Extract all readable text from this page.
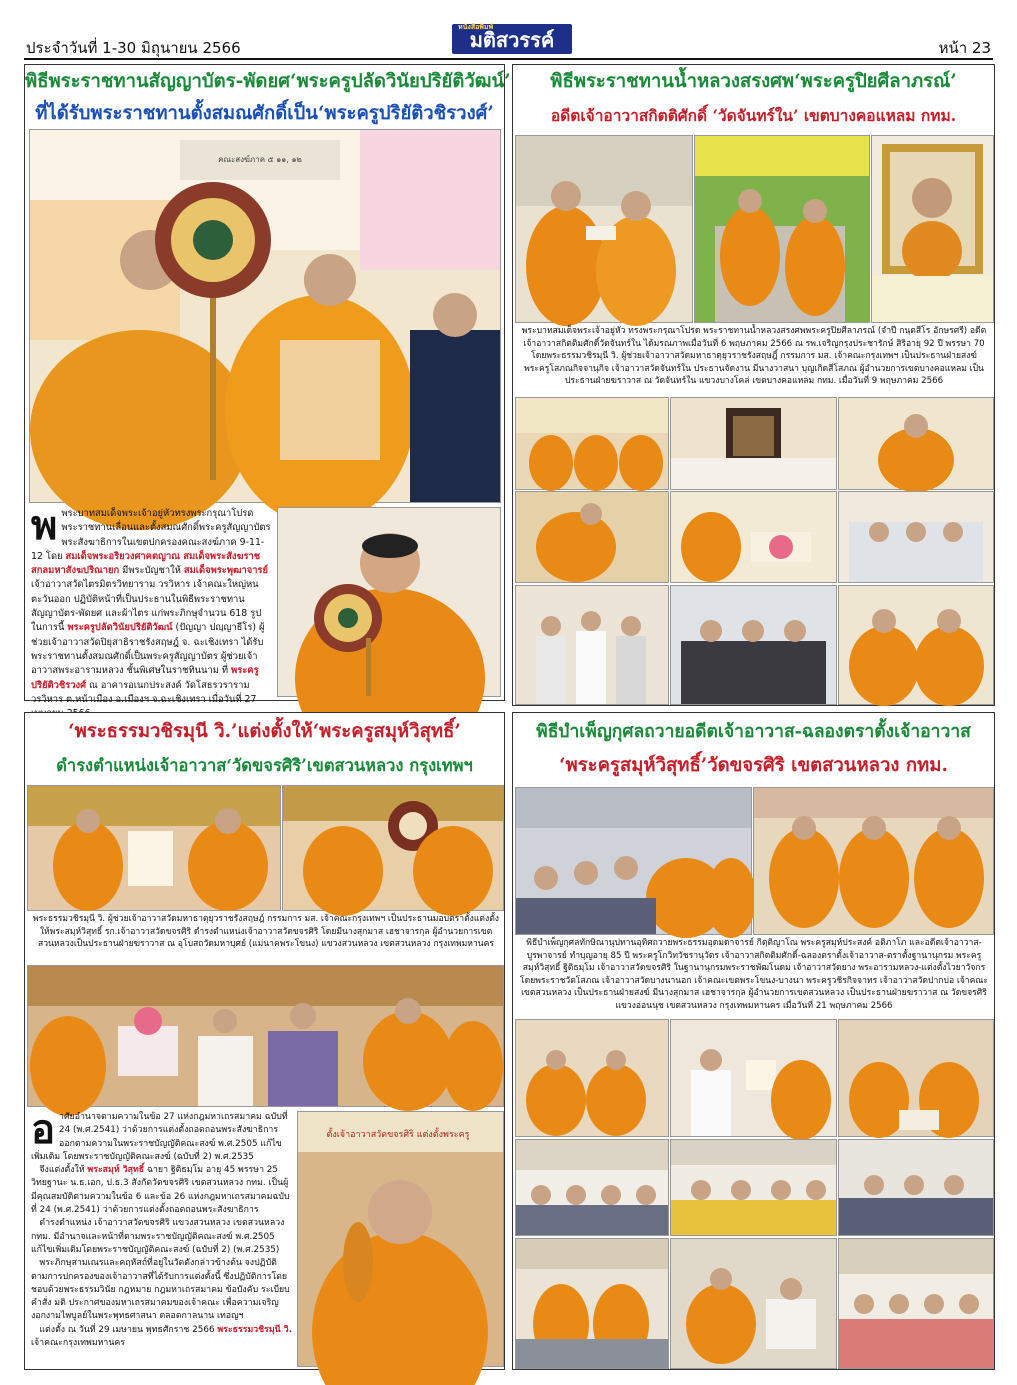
ประจำวันที่ 1-30 มิถุนายน 2566
หนังสือพิมพ์
มติสวรรค์	หน้า 23
พิธีพระราชทานสัญญาบัตร-พัดยศ‘พระครูปลัดวินัยปริยัติวัฒน์’
ที่ได้รับพระราชทานตั้งสมณศักดิ์เป็น‘พระครูปริยัติวชิรวงศ์’
คณะสงฆ์ภาค ๕ ๑๑, ๑๒
พพระบาทสมเด็จพระเจ้าอยู่หัวทรงพระกรุณาโปรดพระราชทานเลื่อนและตั้งสมณศักดิ์พระครูสัญญาบัตร พระสังฆาธิการในเขตปกครองคณะสงฆ์ภาค 9-11-12 โดย สมเด็จพระอริยวงศาคตญาณ สมเด็จพระสังฆราช สกลมหาสังฆปริณายก มีพระบัญชาให้ สมเด็จพระพุฒาจารย์ เจ้าอาวาสวัดไตรมิตรวิทยาราม วรวิหาร เจ้าคณะใหญ่หนตะวันออก ปฏิบัติหน้าที่เป็นประธานในพิธีพระราชทานสัญญาบัตร-พัดยศ และผ้าไตร แก่พระภิกษุจำนวน 618 รูป ในการนี้ พระครูปลัดวินัยปริยัติวัฒน์ (ปัญญา ปญฺญาธีโร) ผู้ช่วยเจ้าอาวาสวัดปิยุสาธิราชรังสฤษฎ์ จ. ฉะเชิงเทรา ได้รับพระราชทานตั้งสมณศักดิ์เป็นพระครูสัญญาบัตร ผู้ช่วยเจ้าอาวาสพระอารามหลวง ชั้นพิเศษในราชทินนาม ที่ พระครูปริยัติวชิรวงศ์ ณ อาคารอเนกประสงค์ วัดโสธรวรารามวรวิหาร ต.หน้าเมือง อ.เมืองฯ จ.ฉะเชิงเทรา เมื่อวันที่ 27
พิธีพระราชทานน้ำหลวงสรงศพ‘พระครูปิยศีลาภรณ์’
อดีตเจ้าอาวาสกิตติศักดิ์ ‘วัดจันทร์ใน’ เขตบางคอแหลม กทม.
พระบาทสมเด็จพระเจ้าอยู่หัว ทรงพระกรุณาโปรด พระราชทานน้ำหลวงสรงศพพระครูปิยศีลาภรณ์ (จำปี กนฺตสีโร อักษรศรี) อดีตเจ้าอาวาสกิตติมศักดิ์วัดจันทร์ใน ได้มรณภาพเมื่อวันที่ 6 พฤษภาคม 2566 ณ รพ.เจริญกรุงประชารักษ์ สิริอายุ 92 ปี พรรษา 70 โดยพระธรรมวชิรมุนี วิ. ผู้ช่วยเจ้าอาวาสวัดมหาธาตุยุวราชรังสฤษฎิ์ กรรมการ มส. เจ้าคณะกรุงเทพฯ เป็นประธานฝ่ายสงฆ์พระครูโสภณกิจจานุกิจ เจ้าอาวาสวัดจันทร์ใน ประธานจัดงาน มีนางวาสนา บุญเกิดสีโสภณ ผู้อำนวยการเขตบางคอแหลม เป็นประธานฝ่ายฆราวาส ณ วัดจันทร์ใน แขวงบางโคล่ เขตบางคอแหลม กทม. เมื่อวันที่ 9 พฤษภาคม 2566
‘พระธรรมวชิรมุนี วิ.’แต่งตั้งให้‘พระครูสมุห์วิสุทธิ์’
ดำรงตำแหน่งเจ้าอาวาส‘วัดขจรศิริ’เขตสวนหลวง กรุงเทพฯ
พระธรรมวชิรมุนี วิ. ผู้ช่วยเจ้าอาวาสวัดมหาธาตุยุวราชรังสฤษฎ์ กรรมการ มส. เจ้าคณะกรุงเทพฯ เป็นประธานมอบตราตั้งแต่งตั้งให้พระสมุห์วิสุทธิ์ รก.เจ้าอาวาสวัดขจรศิริ ดำรงตำแหน่งเจ้าอาวาสวัดขจรศิริ โดยมีนางสุกมาส เฮชาจารกุล ผู้อำนวยการเขตสวนหลวงเป็นประธานฝ่ายฆราวาส ณ อุโบสถวัดมหาบุศย์ (แม่นาคพระโขนง) แขวงสวนหลวง เขตสวนหลวง กรุงเทพมหานคร
อาศัยอำนาจตามความในข้อ 27 แห่งกฎมหาเถรสมาคม ฉบับที่ 24 (พ.ศ.2541) ว่าด้วยการแต่งตั้งถอดถอนพระสังฆาธิการ ออกตามความในพระราชบัญญัติคณะสงฆ์ พ.ศ.2505 แก้ไขเพิ่มเติม โดยพระราชบัญญัติคณะสงฆ์ (ฉบับที่ 2) พ.ศ.2535
จึงแต่งตั้งให้ พระสมุห์ วิสุทธิ์ ฉายา ฐิติธมฺโม อายุ 45 พรรษา 25 วิทยฐานะ น.ธ.เอก, ป.ธ.3 สังกัดวัดขจรศิริ เขตสวนหลวง กทม. เป็นผู้มีคุณสมบัติตามความในข้อ 6 และข้อ 26 แห่งกฎมหาเถรสมาคมฉบับที่ 24 (พ.ศ.2541) ว่าด้วยการแต่งตั้งถอดถอนพระสังฆาธิการ
ดำรงตำแหน่ง เจ้าอาวาสวัดขจรศิริ แขวงสวนหลวง เขตสวนหลวง กทม. มีอำนาจและหน้าที่ตามพระราชบัญญัติคณะสงฆ์ พ.ศ.2505 แก้ไขเพิ่มเติมโดยพระราชบัญญัติคณะสงฆ์ (ฉบับที่ 2) (พ.ศ.2535)
พระภิกษุสามเณรและคฤหัสถ์ที่อยู่ในวัดดังกล่าวข้างต้น จงปฏิบัติตามการปกครองของเจ้าอาวาสที่ได้รับการแต่งตั้งนี้ ซึ่งปฏิบัติการโดยชอบด้วยพระธรรมวินัย กฎหมาย กฎมหาเถรสมาคม ข้อบังคับ ระเบียบ คำสั่ง มติ ประกาศของมหาเถรสมาคมของเจ้าคณะ เพื่อความเจริญงอกงามไพบูลย์ในพระพุทธศาสนา ตลอดกาลนาน เทอญฯ
แต่งตั้ง ณ วันที่ 29 เมษายน พุทธศักราช 2566 พระธรรมวชิรมุนี วิ.
เจ้าคณะกรุงเทพมหานคร
ตั้งเจ้าอาวาสวัดขจรศิริ แต่งตั้งพระครู
พิธีบำเพ็ญกุศลถวายอดีตเจ้าอาวาส-ฉลองตราตั้งเจ้าอาวาส
‘พระครูสมุห์วิสุทธิ์’วัดขจรศิริ เขตสวนหลวง กทม.
พิธีบำเพ็ญกุศลทักษิณานุปทานอุทิศถวายพระธรรมอุดมดาจารย์ กิตฺติญาโณ พระครูสมุห์ประสงค์ อติภาโภ และอดีตเจ้าอาวาส-บูรพาจารย์ ทำบุญอายุ 85 ปี พระครูโกวิทวัชรานุวัตร เจ้าอาวาสกิตติมศักดิ์-ฉลองตราตั้งเจ้าอาวาส-ตราตั้งฐานานุกรม พระครูสมุห์วิสุทธิ์ ฐิติธมฺโม เจ้าอาวาสวัดขจรศิริ ในฐานานุกรมพระราชพัฒโนดม เจ้าอาวาสวัดยาง พระอารามหลวง-แต่งตั้งไวยาวัจกร โดยพระราชวัตโสภณ เจ้าอาวาสวัดบางนานอก เจ้าคณะเขตพระโขนง-บางนา พระครูวชิรกิจจาทร เจ้าอาวาสวัดปากบ่อ เจ้าคณะเขตสวนหลวง เป็นประธานฝ่ายสงฆ์ มีนางสุกมาส เฮชาจารกุล ผู้อำนวยการเขตสวนหลวง เป็นประธานฝ่ายฆราวาส ณ วัดขจรศิริ แขวงอ่อนนุช เขตสวนหลวง กรุงเทพมหานคร เมื่อวันที่ 21 พฤษภาคม 2566
